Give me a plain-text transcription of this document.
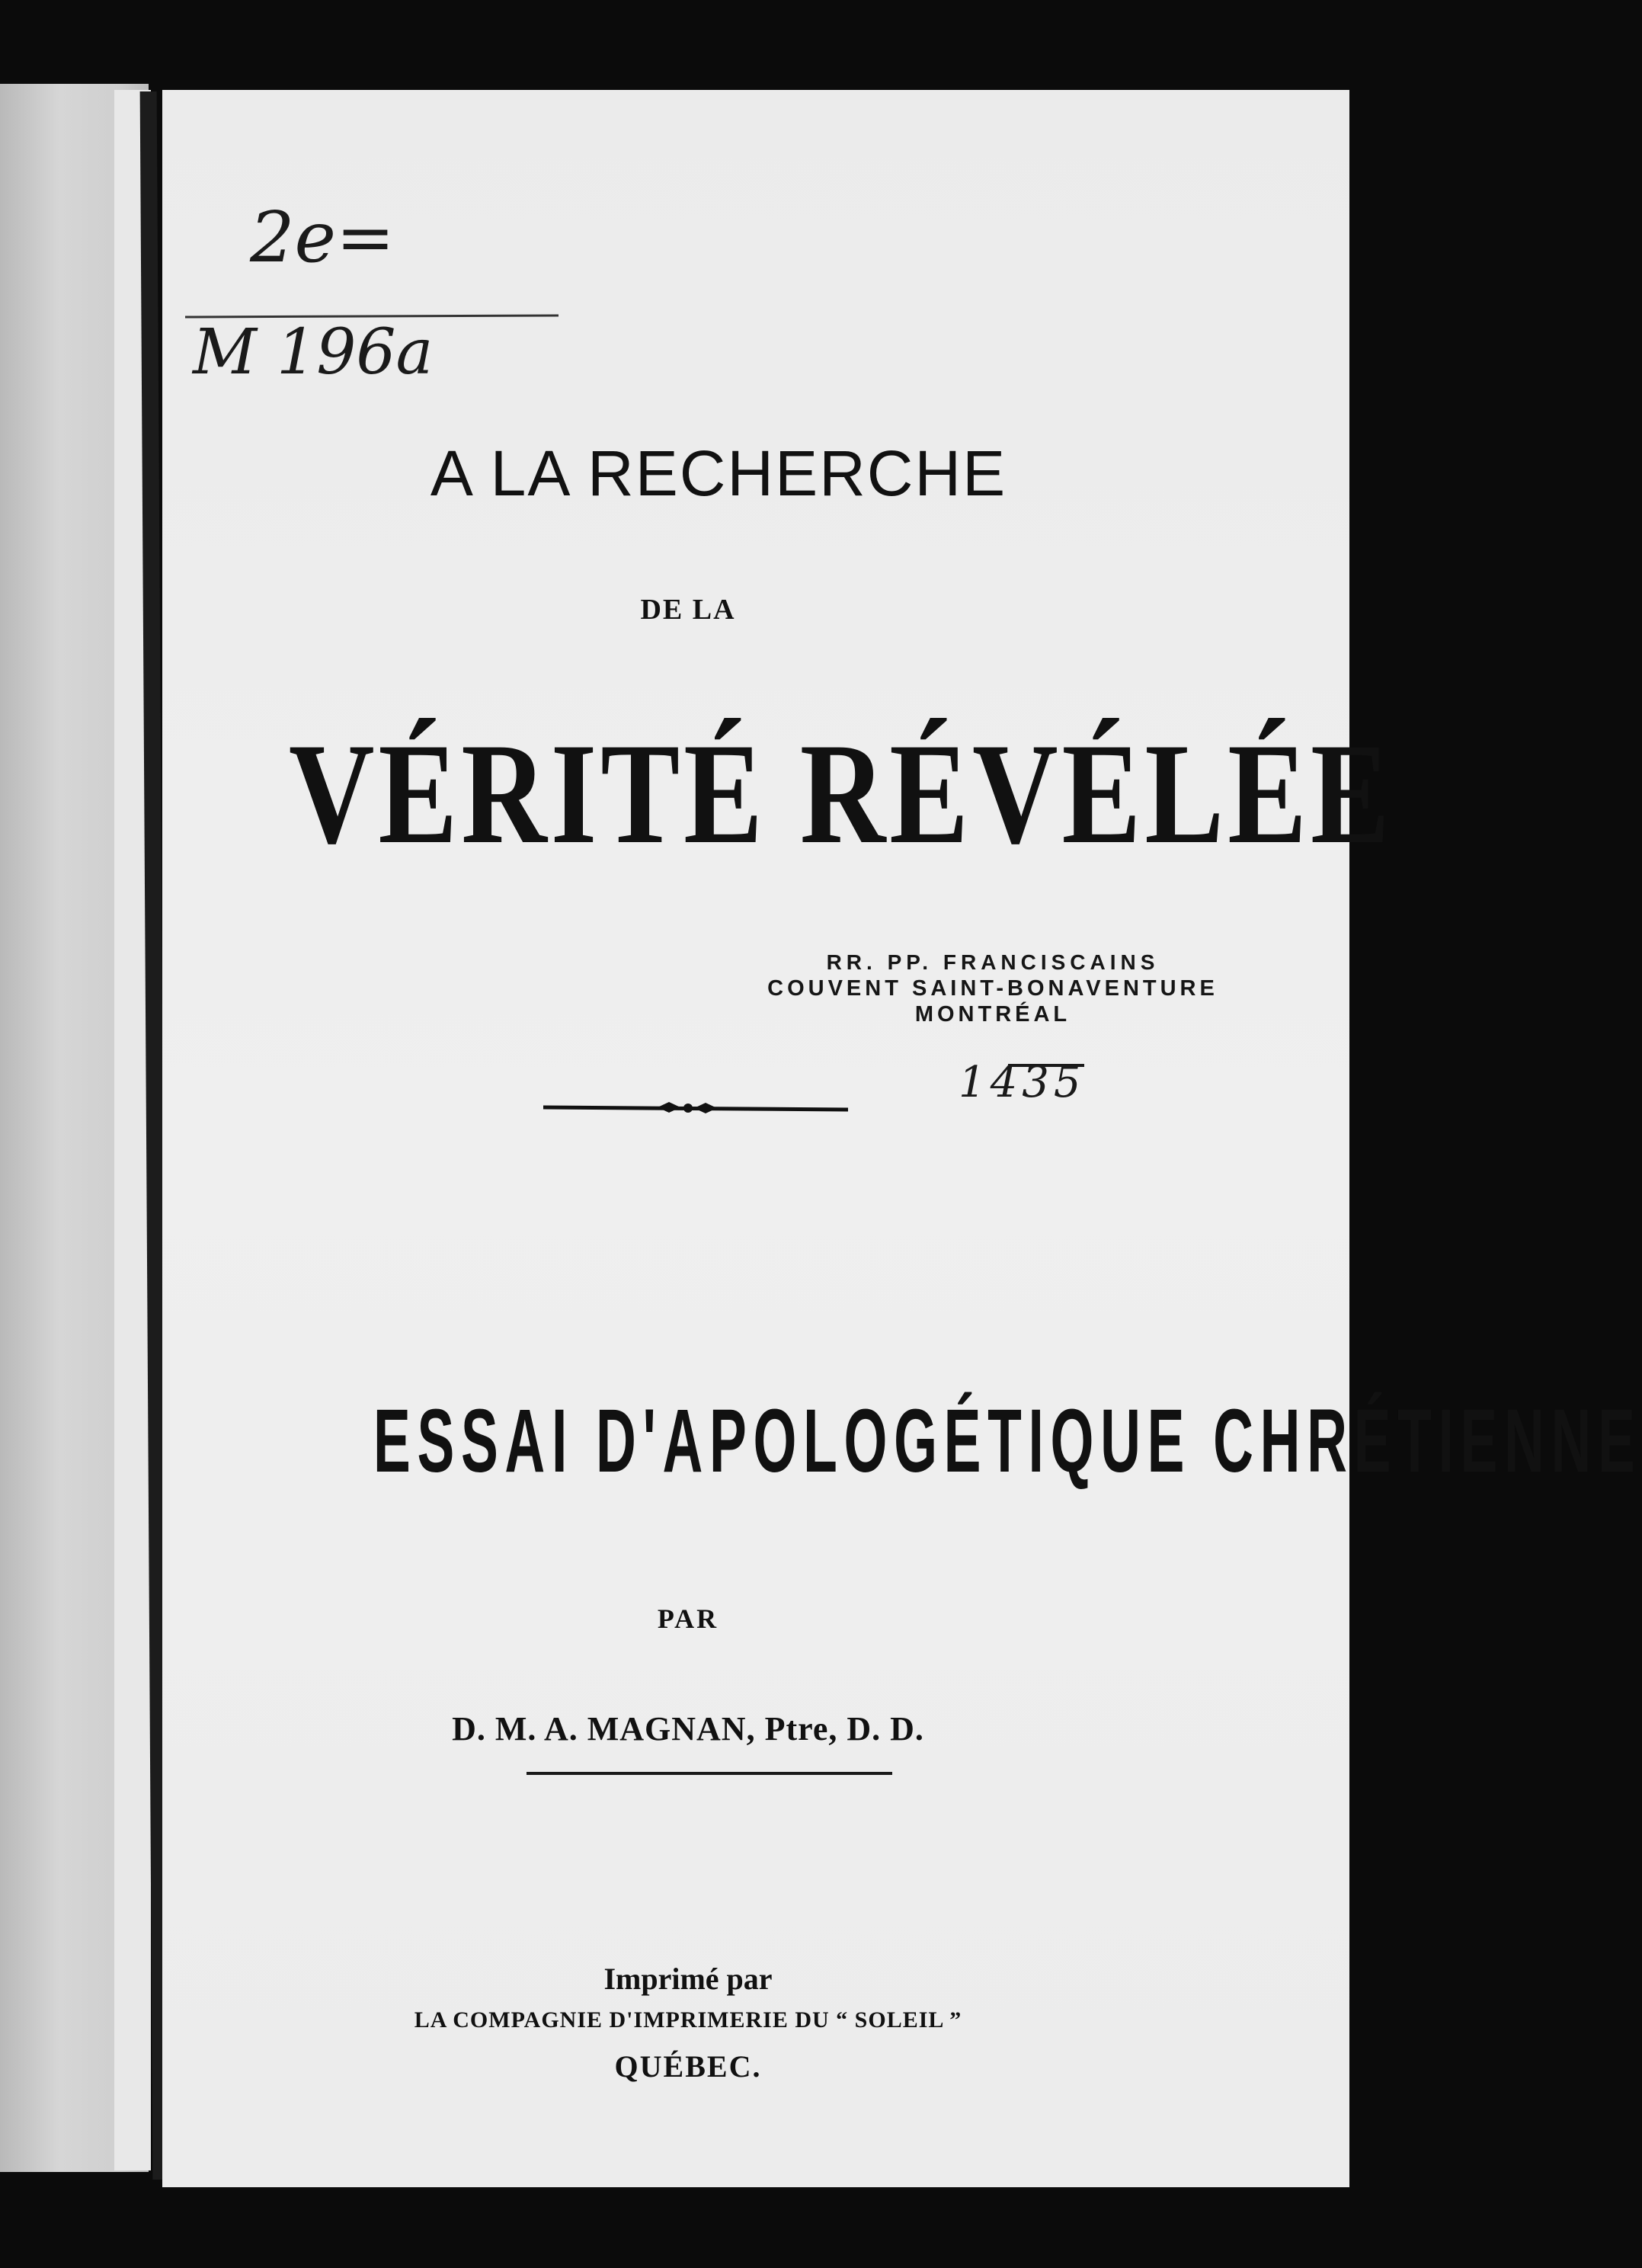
2e=
M 196a
A LA RECHERCHE
DE LA
VÉRITÉ RÉVÉLÉE
RR. PP. FRANCISCAINS
COUVENT SAINT-BONAVENTURE
MONTRÉAL
1435
ESSAI D'APOLOGÉTIQUE CHRÉTIENNE
PAR
D. M. A. MAGNAN, Ptre, D. D.
Imprimé par
LA COMPAGNIE D'IMPRIMERIE DU “ SOLEIL ”
QUÉBEC.
